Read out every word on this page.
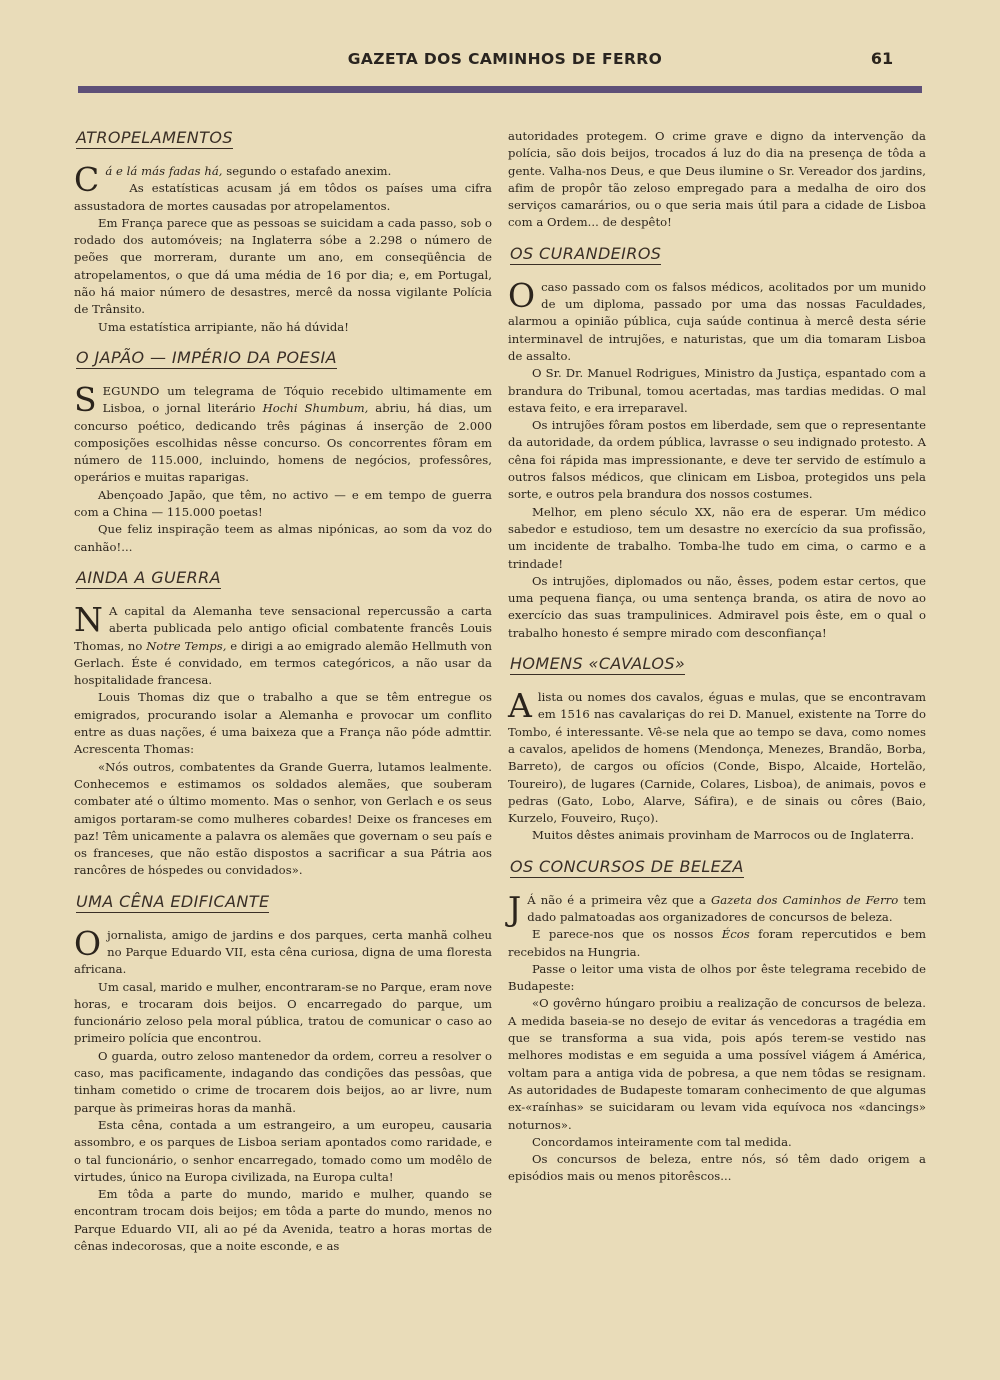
GAZETA DOS CAMINHOS DE FERRO	61
ATROPELAMENTOS

Cá e lá más fadas há, segundo o estafado anexim.

As estatísticas acusam já em tôdos os países uma cifra assustadora de mortes causadas por atropelamentos.

Em França parece que as pessoas se suicidam a cada passo, sob o rodado dos automóveis; na Inglaterra sóbe a 2.298 o número de peões que morreram, durante um ano, em conseqüência de atropelamentos, o que dá uma média de 16 por dia; e, em Portugal, não há maior número de desastres, mercê da nossa vigilante Polícia de Trânsito.

Uma estatística arripiante, não há dúvida!

O JAPÃO — IMPÉRIO DA POESIA

SEGUNDO um telegrama de Tóquio recebido ultimamente em Lisboa, o jornal literário Hochi Shumbum, abriu, há dias, um concurso poético, dedicando três páginas á inserção de 2.000 composições escolhidas nêsse concurso. Os concorrentes fôram em número de 115.000, incluindo, homens de negócios, professôres, operários e muitas raparigas.

Abençoado Japão, que têm, no activo — e em tempo de guerra com a China — 115.000 poetas!

Que feliz inspiração teem as almas nipónicas, ao som da voz do canhão!...

AINDA A GUERRA

N A capital da Alemanha teve sensacional repercussão a carta aberta publicada pelo antigo oficial combatente francês Louis Thomas, no Notre Temps, e dirigi a ao emigrado alemão Hellmuth von Gerlach. Éste é convidado, em termos categóricos, a não usar da hospitalidade francesa.

Louis Thomas diz que o trabalho a que se têm entregue os emigrados, procurando isolar a Alemanha e provocar um conflito entre as duas nações, é uma baixeza que a França não póde admttir. Acrescenta Thomas:

«Nós outros, combatentes da Grande Guerra, lutamos lealmente. Conhecemos e estimamos os soldados alemães, que souberam combater até o último momento. Mas o senhor, von Gerlach e os seus amigos portaram-se como mulheres cobardes! Deixe os franceses em paz! Têm unicamente a palavra os alemães que governam o seu país e os franceses, que não estão dispostos a sacrificar a sua Pátria aos rancôres de hóspedes ou convidados».

UMA CÊNA EDIFICANTE

Ojornalista, amigo de jardins e dos parques, certa manhã colheu no Parque Eduardo VII, esta cêna curiosa, digna de uma floresta africana.

Um casal, marido e mulher, encontraram-se no Parque, eram nove horas, e trocaram dois beijos. O encarregado do parque, um funcionário zeloso pela moral pública, tratou de comunicar o caso ao primeiro polícia que encontrou.

O guarda, outro zeloso mantenedor da ordem, correu a resolver o caso, mas pacificamente, indagando das condições das pessôas, que tinham cometido o crime de trocarem dois beijos, ao ar livre, num parque às primeiras horas da manhã.

Esta cêna, contada a um estrangeiro, a um europeu, causaria assombro, e os parques de Lisboa seriam apontados como raridade, e o tal funcionário, o senhor encarregado, tomado como um modêlo de virtudes, único na Europa civilizada, na Europa culta!

Em tôda a parte do mundo, marido e mulher, quando se encontram trocam dois beijos; em tôda a parte do mundo, menos no Parque Eduardo VII, ali ao pé da Avenida, teatro a horas mortas de cênas indecorosas, que a noite esconde, e as

autoridades protegem. O crime grave e digno da intervenção da polícia, são dois beijos, trocados á luz do dia na presença de tôda a gente. Valha-nos Deus, e que Deus ilumine o Sr. Vereador dos jardins, afim de propôr tão zeloso empregado para a medalha de oiro dos serviços camarários, ou o que seria mais útil para a cidade de Lisboa com a Ordem... de despêto!

OS CURANDEIROS

Ocaso passado com os falsos médicos, acolitados por um munido de um diploma, passado por uma das nossas Faculdades, alarmou a opinião pública, cuja saúde continua à mercê desta série interminavel de intrujões, e naturistas, que um dia tomaram Lisboa de assalto.

O Sr. Dr. Manuel Rodrigues, Ministro da Justiça, espantado com a brandura do Tribunal, tomou acertadas, mas tardias medidas. O mal estava feito, e era irreparavel.

Os intrujões fôram postos em liberdade, sem que o representante da autoridade, da ordem pública, lavrasse o seu indignado protesto. A cêna foi rápida mas impressionante, e deve ter servido de estímulo a outros falsos médicos, que clinicam em Lisboa, protegidos uns pela sorte, e outros pela brandura dos nossos costumes.

Melhor, em pleno século XX, não era de esperar. Um médico sabedor e estudioso, tem um desastre no exercício da sua profissão, um incidente de trabalho. Tomba-lhe tudo em cima, o carmo e a trindade!

Os intrujões, diplomados ou não, êsses, podem estar certos, que uma pequena fiança, ou uma sentença branda, os atira de novo ao exercício das suas trampulinices. Admiravel pois êste, em o qual o trabalho honesto é sempre mirado com desconfiança!

HOMENS «CAVALOS»

Alista ou nomes dos cavalos, éguas e mulas, que se encontravam em 1516 nas cavalariças do rei D. Manuel, existente na Torre do Tombo, é interessante. Vê-se nela que ao tempo se dava, como nomes a cavalos, apelidos de homens (Mendonça, Menezes, Brandão, Borba, Barreto), de cargos ou ofícios (Conde, Bispo, Alcaide, Hortelão, Toureiro), de lugares (Carnide, Colares, Lisboa), de animais, povos e pedras (Gato, Lobo, Alarve, Sáfira), e de sinais ou côres (Baio, Kurzelo, Fouveiro, Ruço).

Muitos dêstes animais provinham de Marrocos ou de Inglaterra.

OS CONCURSOS DE BELEZA

J Á não é a primeira vêz que a Gazeta dos Caminhos de Ferro tem dado palmatoadas aos organizadores de concursos de beleza.

E parece-nos que os nossos Écos foram repercutidos e bem recebidos na Hungria.

Passe o leitor uma vista de olhos por êste telegrama recebido de Budapeste:

«O govêrno húngaro proibiu a realização de concursos de beleza. A medida baseia-se no desejo de evitar ás vencedoras a tragédia em que se transforma a sua vida, pois após terem-se vestido nas melhores modistas e em seguida a uma possível viágem á América, voltam para a antiga vida de pobresa, a que nem tôdas se resignam. As autoridades de Budapeste tomaram conhecimento de que algumas ex-«raínhas» se suicidaram ou levam vida equívoca nos «dancings» noturnos».

Concordamos inteiramente com tal medida.

Os concursos de beleza, entre nós, só têm dado origem a episódios mais ou menos pitorêscos...
